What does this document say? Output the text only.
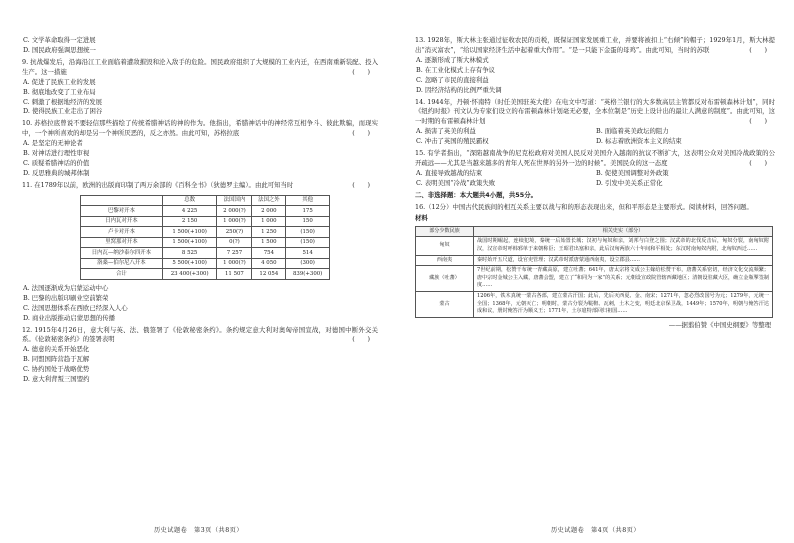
C. 文学革命取得一定进展
D. 国民政府强调思想统一
9. 抗战爆发后，沿海沿江工业面临着遭敌摧毁和沦入敌手的危险。国民政府组织了大规模的工业内迁，在西南重新装配、投入生产。这一措施	(　　)
A. 促进了民族工业的发展
B. 彻底地改变了工业布局
C. 刺激了根据地经济的发展
D. 使得民族工业走出了困谷
10. 苏格拉底曾说不要轻信那些描绘了传统希腊神话的神的作为。他指出，希腊神话中的神经常互相争斗、彼此欺骗，而现实中，一个神所喜欢的却是另一个神所厌恶的，反之亦然。由此可知，苏格拉底	(　　)
A. 是坚定的无神论者
B. 对神话进行理性审视
C. 质疑希腊神话的价值
D. 反思雅典的城邦体制
11. 在1789年以前，欧洲的出版商印制了两万余部的《百科全书》（狄德罗主编）。由此可知当时	(　　)
	总数	法国国内	法国之外	其他
巴黎对开本	4 225	2 000(?)	2 000	175
日内瓦对开本	2 150	1 000(?)	1 000	150
卢卡对开本	1 500(+100)	250(?)	1 250	(150)
里窝那对开本	1 500(+100)	0(?)	1 500	(150)
日内瓦—纳沙泰尔四开本	8 525	7 257	754	514
洛桑—伯尔尼八开本	5 500(+100)	1 000(?)	4 050	(300)
合计	23 400(+300)	11 507	12 054	839(+300)
A. 法国逐渐成为启蒙运动中心
B. 巴黎的出版印刷业空前繁荣
C. 法国思想体系在西欧已经深入人心
D. 商业出版推动启蒙思想的传播
12. 1915年4月26日，意大利与英、法、俄签署了《伦敦秘密条约》。条约规定意大利对奥匈帝国宣战，对德国中断外交关系。《伦敦秘密条约》的签署表明	(　　)
A. 德意的关系开始恶化
B. 同盟国阵营趋于瓦解
C. 协约国处于战略优势
D. 意大利背叛三国盟约
历史试题卷　第3页（共8页）
13. 1928年，斯大林主张通过征收农民的贡税，既保证国家发展重工业，并要将被扣上“右倾”的帽子；1929年1月，斯大林提出“消灭富农”，“给以国家经济生活中起着重大作用”。“是一只能下金蛋的母鸡”。由此可知，当时的苏联	(　　)
A. 逐渐形成了斯大林模式
B. 在工业化模式上存有争议
C. 忽略了市民的直接利益
D. 因经济结构的比例严重失调
14. 1944年，丹顿·怀南特（时任美国驻英大使）在电文中写道：“英格兰银行的大多数高层主管都反对布雷顿森林计划”，同时《纽约时报》刊文认为专家们设立的布雷顿森林计划毫无必要，全本位制是“历史上设计出的最让人满意的制度”。由此可知，这一时期的布雷顿森林计划	(　　)
A. 损害了英美的利益	B. 面临着英美政坛的阻力
C. 冲击了英国的殖民霸权	D. 标志着欧洲资本主义的结束
15. 有学者指出，“深陷越南战争的尼克松政府对美国人民反对美国介入越南的抗议不断扩大，这表明公众对美国冷战政策的公开疏远——尤其是当越来越多的青年人死在世界的另外一边的时候”。美国民众的这一态度	(　　)
A. 直接导致越战的结束	B. 促使美国调整对外政策
C. 表明美国“冷战”政策失败	D. 引发中美关系正常化
二、非选择题：本大题共4小题，共55分。
16.（12分）中国古代民族间的相互关系主要以战与和的形态表现出来，但和平形态是主要形式。阅读材料，回答问题。
材料
部分少数民族	相关史实（部分）
匈奴	战国时期崛起，连续犯境，秦统一后始置长城；汉初与匈奴和亲，刘邦与白登之围；汉武帝的北伐反击后，匈奴分裂，南匈奴附汉，汉宣帝时呼韩邪单于来朝称臣；王昭君出塞和亲，此后汉匈两族六十年间和平相处；东汉时南匈奴内附，北匈奴西迁……
西南夷	秦时始开五尺道，设官吏管理；汉武帝时派唐蒙通西南夷，设立郡县……
藏族（吐蕃）	7世纪前期，松赞干布统一青藏高原，建立吐蕃；641年，唐太宗将文成公主嫁给松赞干布，唐蕃关系密切，经济文化交流频繁；唐中宗时金城公主入藏，唐蕃会盟，建立了“和同为一家”的关系；元朝设宣政院管辖西藏地区；清朝设驻藏大臣，确立金瓶掣签制度……
蒙古	1206年，铁木真统一蒙古各部，建立蒙古汗国；此后，先后灭西夏、金、南宋；1271年，忽必烈改国号为元；1279年，元统一全国；1368年，元朝灭亡；明朝时，蒙古分裂为鞑靼、瓦剌，土木之变，明廷北京保卫战，1449年；1570年，明朝与俺答汗达成和议，册封俺答汗为顺义王；1771年，土尔扈特部回归祖国……
——据翦伯赞《中国史纲要》等整理
历史试题卷　第4页（共8页）
